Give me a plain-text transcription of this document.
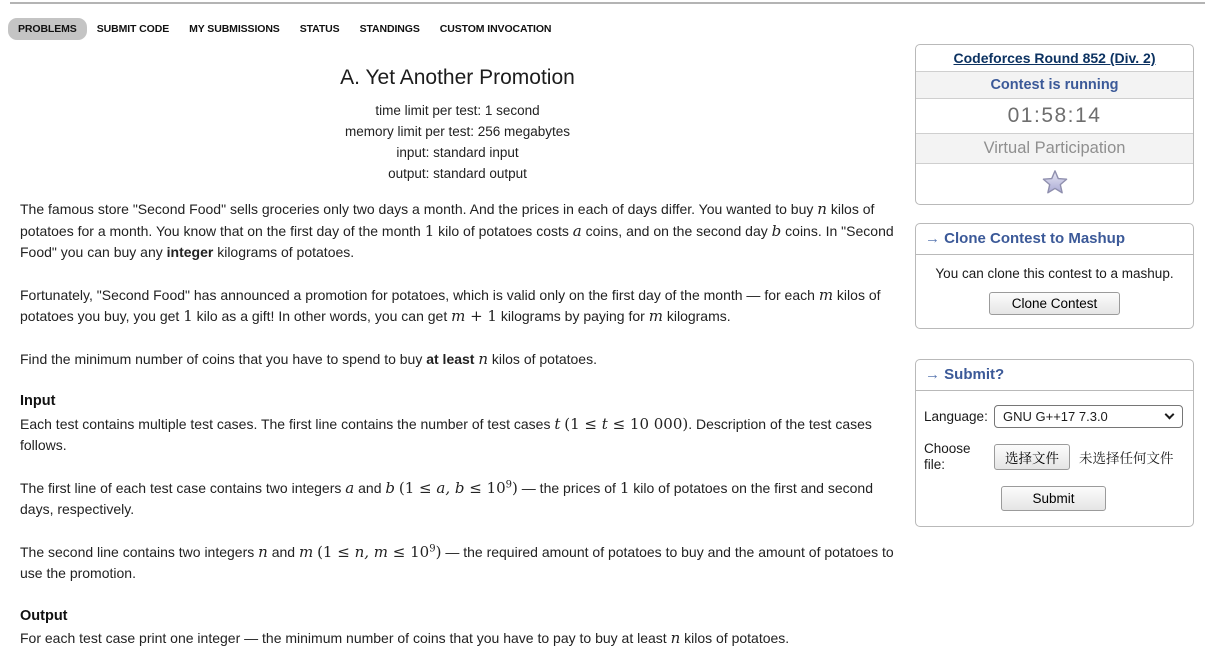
PROBLEMS	SUBMIT CODE	MY SUBMISSIONS	STATUS	STANDINGS	CUSTOM INVOCATION
A. Yet Another Promotion
time limit per test: 1 second
memory limit per test: 256 megabytes
input: standard input
output: standard output

The famous store "Second Food" sells groceries only two days a month. And the prices in each of days differ. You wanted to buy n kilos of potatoes for a month. You know that on the first day of the month 1 kilo of potatoes costs a coins, and on the second day b coins. In "Second Food" you can buy any integer kilograms of potatoes.

Fortunately, "Second Food" has announced a promotion for potatoes, which is valid only on the first day of the month — for each m kilos of potatoes you buy, you get 1 kilo as a gift! In other words, you can get m + 1 kilograms by paying for m kilograms.

Find the minimum number of coins that you have to spend to buy at least n kilos of potatoes.

Input

Each test contains multiple test cases. The first line contains the number of test cases t (1 ≤ t ≤ 10 000). Description of the test cases follows.

The first line of each test case contains two integers a and b (1 ≤ a, $b \le 10^9$) — the prices of 1 kilo of potatoes on the first and second days, respectively.

The second line contains two integers n and m (1 ≤ n, $m \le 10^9$) — the required amount of potatoes to buy and the amount of potatoes to use the promotion.

Output

For each test case print one integer — the minimum number of coins that you have to pay to buy at least n kilos of potatoes.

Codeforces Round 852 (Div. 2)
Contest is running
01:58:14
Virtual Participation
→ Clone Contest to Mashup
You can clone this contest to a mashup.
Clone Contest
→ Submit?
Language:	GNU G++17 7.3.0
Choose file:	选择文件	未选择任何文件
Submit
